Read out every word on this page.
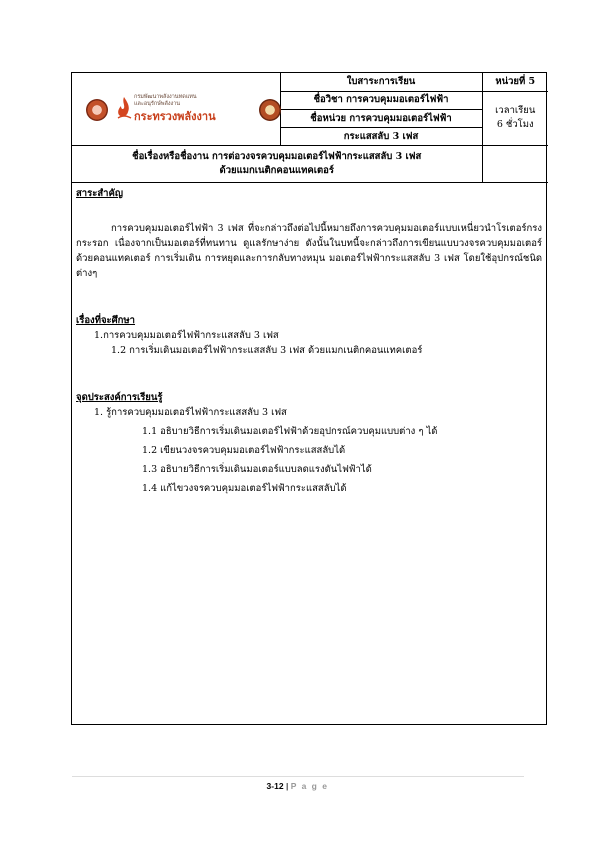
กรมพัฒนาพลังงานทดแทน
และอนุรักษ์พลังงาน
กระทรวงพลังงาน	ใบสาระการเรียน	หน่วยที่ 5
	ชื่อวิชา การควบคุมมอเตอร์ไฟฟ้า	เวลาเรียน
6 ชั่วโมง

	ชื่อหน่วย การควบคุมมอเตอร์ไฟฟ้า	
	กระแสสลับ 3 เฟส	

ชื่อเรื่องหรือชื่องาน การต่อวงจรควบคุมมอเตอร์ไฟฟ้ากระแสสลับ 3 เฟส
ด้วยแมกเนติกคอนแทคเตอร์		

สาระสำคัญ

การควบคุมมอเตอร์ไฟฟ้า 3 เฟส ที่จะกล่าวถึงต่อไปนี้หมายถึงการควบคุมมอเตอร์แบบเหนี่ยวนำโรเตอร์กรงกระรอก เนื่องจากเป็นมอเตอร์ที่ทนทาน ดูแลรักษาง่าย ดังนั้นในบทนี้จะกล่าวถึงการเขียนแบบวงจรควบคุมมอเตอร์ด้วยคอนแทคเตอร์ การเริ่มเดิน การหยุดและการกลับทางหมุน มอเตอร์ไฟฟ้ากระแสสลับ 3 เฟส โดยใช้อุปกรณ์ชนิดต่างๆ

เรื่องที่จะศึกษา

1.การควบคุมมอเตอร์ไฟฟ้ากระแสสลับ 3 เฟส

1.2 การเริ่มเดินมอเตอร์ไฟฟ้ากระแสสลับ 3 เฟส ด้วยแมกเนติกคอนแทคเตอร์

จุดประสงค์การเรียนรู้

1. รู้การควบคุมมอเตอร์ไฟฟ้ากระแสสลับ 3 เฟส

1.1 อธิบายวิธีการเริ่มเดินมอเตอร์ไฟฟ้าด้วยอุปกรณ์ควบคุมแบบต่าง ๆ ได้

1.2 เขียนวงจรควบคุมมอเตอร์ไฟฟ้ากระแสสลับได้

1.3 อธิบายวิธีการเริ่มเดินมอเตอร์แบบลดแรงดันไฟฟ้าได้

1.4 แก้ไขวงจรควบคุมมอเตอร์ไฟฟ้ากระแสสลับได้

3-12 | P a g e
